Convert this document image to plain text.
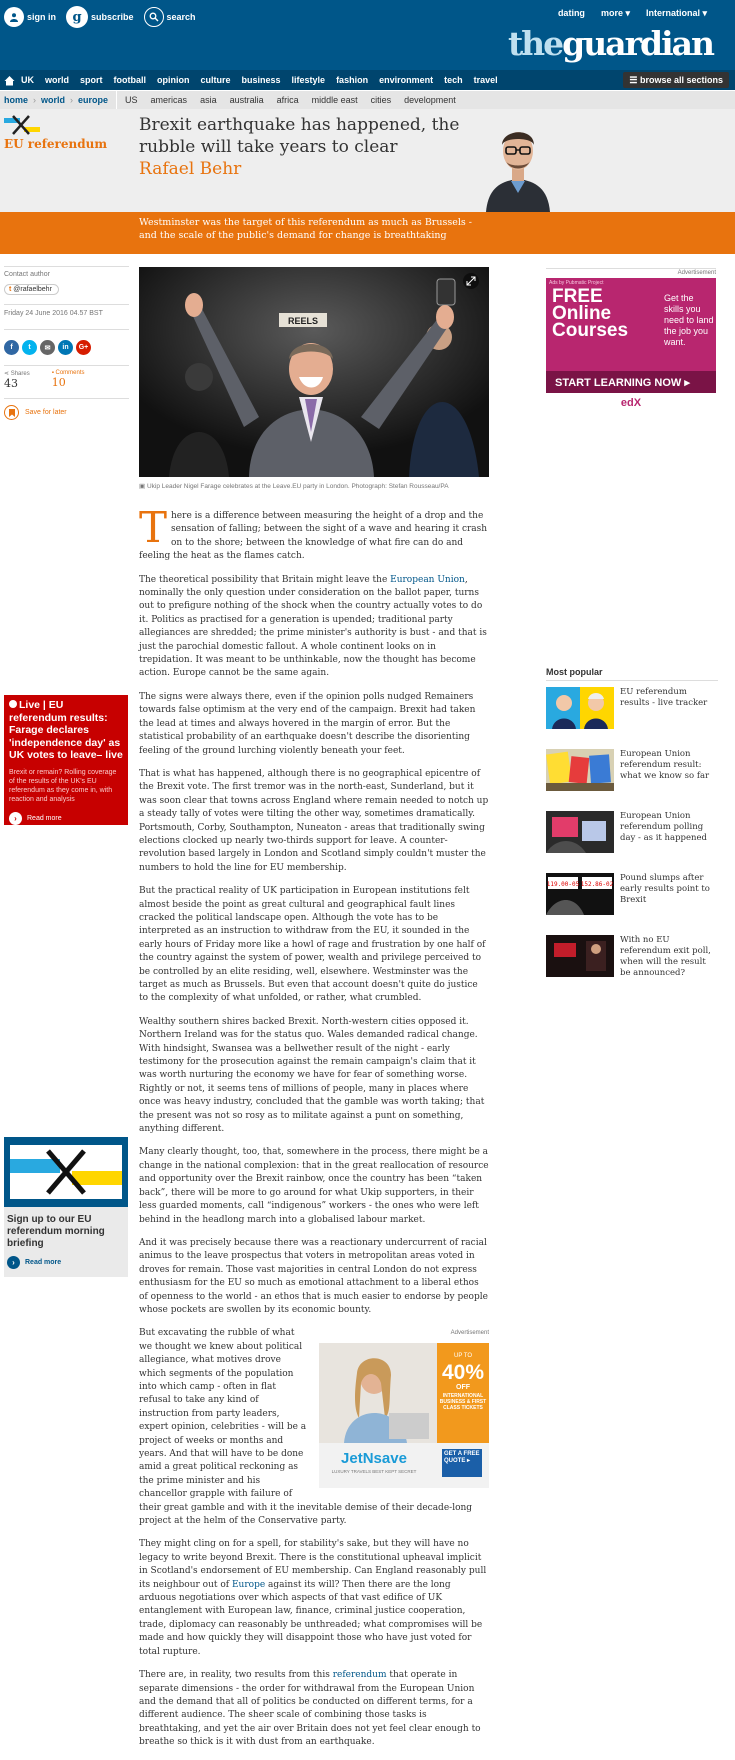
sign in	g	subscribe	search	dating more ▾ International ▾
theguardian
UK world sport football opinion culture business lifestyle fashion environment tech travel	☰ browse all sections
home › world › europe US americas asia australia africa middle east cities development
EU referendum
Brexit earthquake has happened, the rubble will take years to clear
Rafael Behr
Westminster was the target of this referendum as much as Brussels - and the scale of the public's demand for change is breathtaking
Contact author
t @rafaelbehr
Friday 24 June 2016 04.57 BST
f	t	✉	in	G+
⋖ Shares
43
▪ Comments
10
Save for later
REELS
▣ Ukip Leader Nigel Farage celebrates at the Leave.EU party in London. Photograph: Stefan Rousseau/PA

There is a difference between measuring the height of a drop and the sensation of falling; between the sight of a wave and hearing it crash on to the shore; between the knowledge of what fire can do and feeling the heat as the flames catch.

The theoretical possibility that Britain might leave the European Union, nominally the only question under consideration on the ballot paper, turns out to prefigure nothing of the shock when the country actually votes to do it. Politics as practised for a generation is upended; traditional party allegiances are shredded; the prime minister's authority is bust - and that is just the parochial domestic fallout. A whole continent looks on in trepidation. It was meant to be unthinkable, now the thought has become action. Europe cannot be the same again.

The signs were always there, even if the opinion polls nudged Remainers towards false optimism at the very end of the campaign. Brexit had taken the lead at times and always hovered in the margin of error. But the statistical probability of an earthquake doesn't describe the disorienting feeling of the ground lurching violently beneath your feet.

That is what has happened, although there is no geographical epicentre of the Brexit vote. The first tremor was in the north-east, Sunderland, but it was soon clear that towns across England where remain needed to notch up a steady tally of votes were tilting the other way, sometimes dramatically. Portsmouth, Corby, Southampton, Nuneaton - areas that traditionally swing elections clocked up nearly two-thirds support for leave. A counter-revolution based largely in London and Scotland simply couldn't muster the numbers to hold the line for EU membership.

But the practical reality of UK participation in European institutions felt almost beside the point as great cultural and geographical fault lines cracked the political landscape open. Although the vote has to be interpreted as an instruction to withdraw from the EU, it sounded in the early hours of Friday more like a howl of rage and frustration by one half of the country against the system of power, wealth and privilege perceived to be controlled by an elite residing, well, elsewhere. Westminster was the target as much as Brussels. But even that account doesn't quite do justice to the complexity of what unfolded, or rather, what crumbled.

Wealthy southern shires backed Brexit. North-western cities opposed it. Northern Ireland was for the status quo. Wales demanded radical change. With hindsight, Swansea was a bellwether result of the night - early testimony for the prosecution against the remain campaign's claim that it was worth nurturing the economy we have for fear of something worse. Rightly or not, it seems tens of millions of people, many in places where once was heavy industry, concluded that the gamble was worth taking; that the present was not so rosy as to militate against a punt on something, anything different.

Many clearly thought, too, that, somewhere in the process, there might be a change in the national complexion: that in the great reallocation of resource and opportunity over the Brexit rainbow, once the country has been “taken back”, there will be more to go around for what Ukip supporters, in their less guarded moments, call “indigenous” workers - the ones who were left behind in the headlong march into a globalised labour market.

And it was precisely because there was a reactionary undercurrent of racial animus to the leave prospectus that voters in metropolitan areas voted in droves for remain. Those vast majorities in central London do not express enthusiasm for the EU so much as emotional attachment to a liberal ethos of openness to the world - an ethos that is much easier to endorse by people whose pockets are swollen by its economic bounty.

Advertisement
UP TO
40%
OFF
INTERNATIONAL BUSINESS & FIRST CLASS TICKETS
JetNsave
LUXURY TRAVELS BEST KEPT SECRET
GET A FREE QUOTE ▸
But excavating the rubble of what we thought we knew about political allegiance, what motives drove which segments of the population into which camp - often in flat refusal to take any kind of instruction from party leaders, expert opinion, celebrities - will be a project of weeks or months and years. And that will have to be done amid a great political reckoning as the prime minister and his chancellor grapple with failure of their great gamble and with it the inevitable demise of their decade-long project at the helm of the Conservative party.

They might cling on for a spell, for stability's sake, but they will have no legacy to write beyond Brexit. There is the constitutional upheaval implicit in Scotland's endorsement of EU membership. Can England reasonably pull its neighbour out of Europe against its will? Then there are the long arduous negotiations over which aspects of that vast edifice of UK entanglement with European law, finance, criminal justice cooperation, trade, diplomacy can reasonably be unthreaded; what compromises will be made and how quickly they will disappoint those who have just voted for total rupture.

There are, in reality, two results from this referendum that operate in separate dimensions - the order for withdrawal from the European Union and the demand that all of politics be conducted on different terms, for a different audience. The sheer scale of combining those tasks is breathtaking, and yet the air over Britain does not yet feel clear enough to breathe so thick is it with dust from an earthquake.

Advertisement
Ads by Pubmatic Project
FREE Online Courses
Get the skills you need to land the job you want.
START LEARNING NOW ▸
edX
Most popular
EU referendum results - live tracker
European Union referendum result: what we know so far
European Union referendum polling day - as it happened
119.00-05 152.86-02
Pound slumps after early results point to Brexit
With no EU referendum exit poll, when will the result be announced?
Live | EU referendum results: Farage declares 'independence day' as UK votes to leave– live
Brexit or remain? Rolling coverage of the results of the UK's EU referendum as they come in, with reaction and analysis
›	Read more
Sign up to our EU referendum morning briefing
›	Read more
